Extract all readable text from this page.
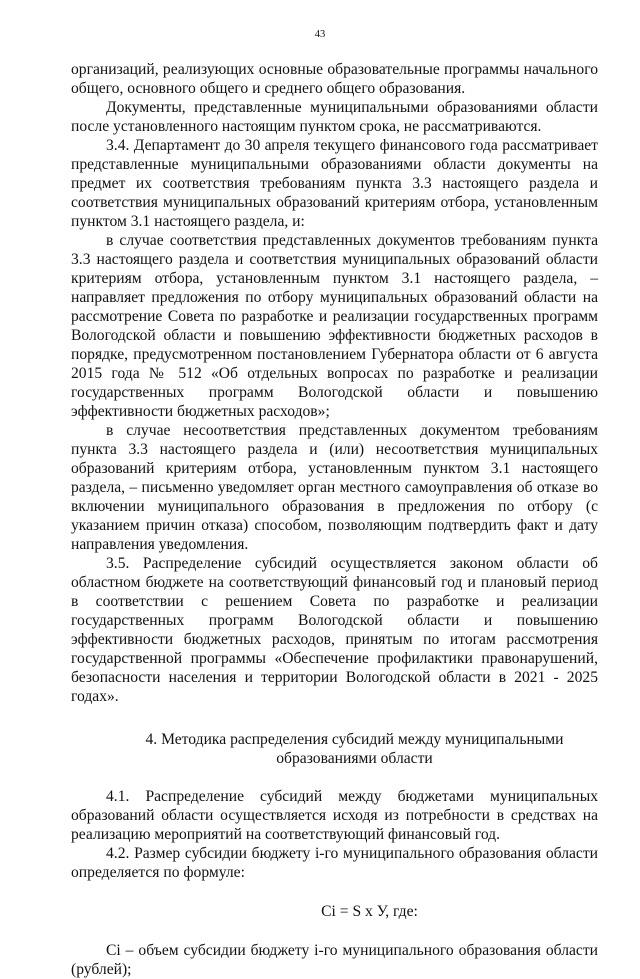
43

организаций, реализующих основные образовательные программы начального общего, основного общего и среднего общего образования.

Документы, представленные муниципальными образованиями области после установленного настоящим пунктом срока, не рассматриваются.

3.4. Департамент до 30 апреля текущего финансового года рассматривает представленные муниципальными образованиями области документы на предмет их соответствия требованиям пункта 3.3 настоящего раздела и соответствия муниципальных образований критериям отбора, установленным пунктом 3.1 настоящего раздела, и:

в случае соответствия представленных документов требованиям пункта 3.3 настоящего раздела и соответствия муниципальных образований области критериям отбора, установленным пунктом 3.1 настоящего раздела, – направляет предложения по отбору муниципальных образований области на рассмотрение Совета по разработке и реализации государственных программ Вологодской области и повышению эффективности бюджетных расходов в порядке, предусмотренном постановлением Губернатора области от 6 августа 2015 года № 512 «Об отдельных вопросах по разработке и реализации государственных программ Вологодской области и повышению эффективности бюджетных расходов»;

в случае несоответствия представленных документом требованиям пункта 3.3 настоящего раздела и (или) несоответствия муниципальных образований критериям отбора, установленным пунктом 3.1 настоящего раздела, – письменно уведомляет орган местного самоуправления об отказе во включении муниципального образования в предложения по отбору (с указанием причин отказа) способом, позволяющим подтвердить факт и дату направления уведомления.

3.5. Распределение субсидий осуществляется законом области об областном бюджете на соответствующий финансовый год и плановый период в соответствии с решением Совета по разработке и реализации государственных программ Вологодской области и повышению эффективности бюджетных расходов, принятым по итогам рассмотрения государственной программы «Обеспечение профилактики правонарушений, безопасности населения и территории Вологодской области в 2021 - 2025 годах».

4. Методика распределения субсидий между муниципальными образованиями области

4.1. Распределение субсидий между бюджетами муниципальных образований области осуществляется исходя из потребности в средствах на реализацию мероприятий на соответствующий финансовый год.

4.2. Размер субсидии бюджету i-го муниципального образования области определяется по формуле:

Ci = S x У, где:

Ci – объем субсидии бюджету i-го муниципального образования области (рублей);
